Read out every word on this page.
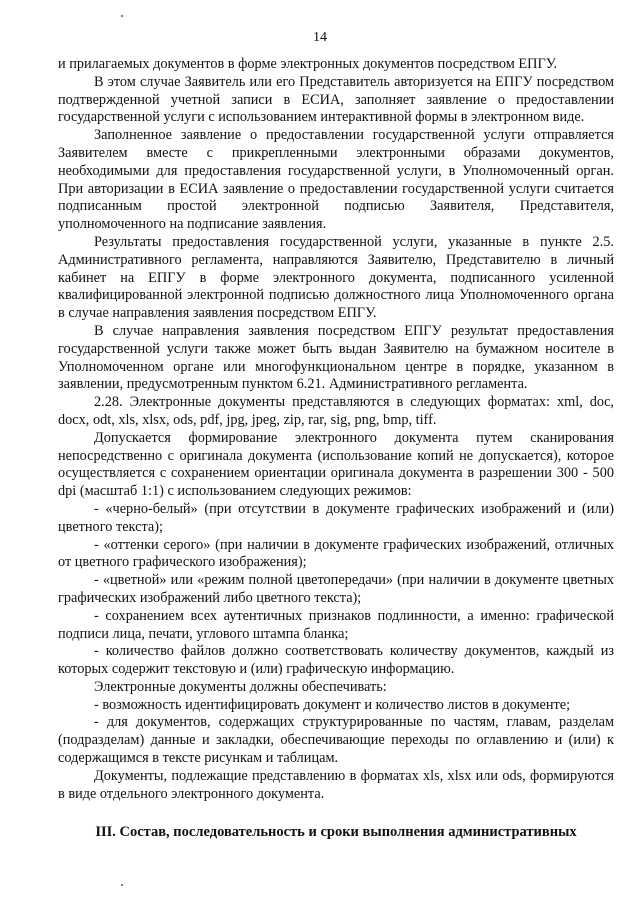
14

и прилагаемых документов в форме электронных документов посредством ЕПГУ.

В этом случае Заявитель или его Представитель авторизуется на ЕПГУ посредством подтвержденной учетной записи в ЕСИА, заполняет заявление о предоставлении государственной услуги с использованием интерактивной формы в электронном виде.

Заполненное заявление о предоставлении государственной услуги отправляется Заявителем вместе с прикрепленными электронными образами документов, необходимыми для предоставления государственной услуги, в Уполномоченный орган. При авторизации в ЕСИА заявление о предоставлении государственной услуги считается подписанным простой электронной подписью Заявителя, Представителя, уполномоченного на подписание заявления.

Результаты предоставления государственной услуги, указанные в пункте 2.5. Административного регламента, направляются Заявителю, Представителю в личный кабинет на ЕПГУ в форме электронного документа, подписанного усиленной квалифицированной электронной подписью должностного лица Уполномоченного органа в случае направления заявления посредством ЕПГУ.

В случае направления заявления посредством ЕПГУ результат предоставления государственной услуги также может быть выдан Заявителю на бумажном носителе в Уполномоченном органе или многофункциональном центре в порядке, указанном в заявлении, предусмотренным пунктом 6.21. Административного регламента.

2.28. Электронные документы представляются в следующих форматах: xml, doc, docx, odt, xls, xlsx, ods, pdf, jpg, jpeg, zip, rar, sig, png, bmp, tiff.

Допускается формирование электронного документа путем сканирования непосредственно с оригинала документа (использование копий не допускается), которое осуществляется с сохранением ориентации оригинала документа в разрешении 300 - 500 dpi (масштаб 1:1) с использованием следующих режимов:

- «черно-белый» (при отсутствии в документе графических изображений и (или) цветного текста);

- «оттенки серого» (при наличии в документе графических изображений, отличных от цветного графического изображения);

- «цветной» или «режим полной цветопередачи» (при наличии в документе цветных графических изображений либо цветного текста);

- сохранением всех аутентичных признаков подлинности, а именно: графической подписи лица, печати, углового штампа бланка;

- количество файлов должно соответствовать количеству документов, каждый из которых содержит текстовую и (или) графическую информацию.

Электронные документы должны обеспечивать:

- возможность идентифицировать документ и количество листов в документе;

- для документов, содержащих структурированные по частям, главам, разделам (подразделам) данные и закладки, обеспечивающие переходы по оглавлению и (или) к содержащимся в тексте рисункам и таблицам.

Документы, подлежащие представлению в форматах xls, xlsx или ods, формируются в виде отдельного электронного документа.

III. Состав, последовательность и сроки выполнения административных
